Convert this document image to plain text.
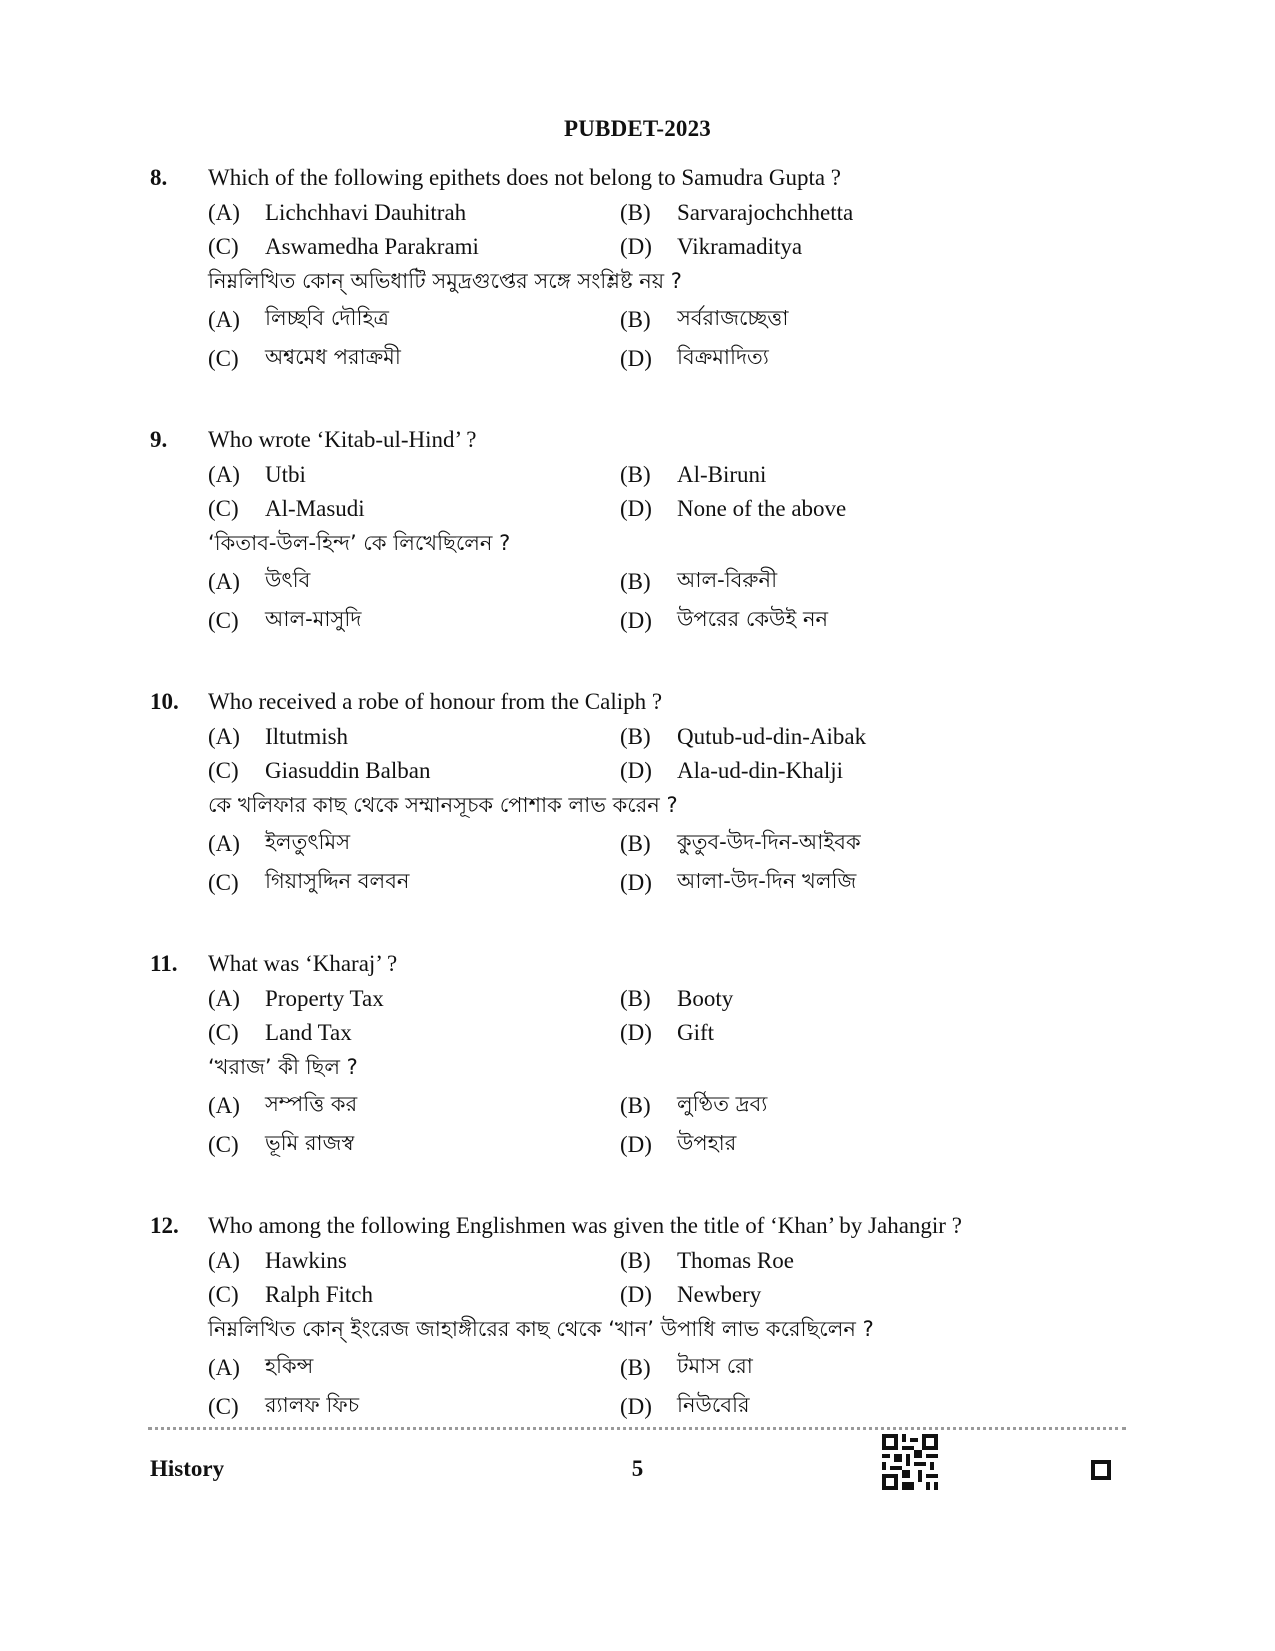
PUBDET-2023
8.	Which of the following epithets does not belong to Samudra Gupta ?
(A)	Lichchhavi Dauhitrah	(B)	Sarvarajochchhetta
(C)	Aswamedha Parakrami	(D)	Vikramaditya
নিম্নলিখিত কোন্ অভিধাটি সমুদ্রগুপ্তের সঙ্গে সংশ্লিষ্ট নয় ?
(A)	লিচ্ছবি দৌহিত্র	(B)	সর্বরাজচ্ছেত্তা
(C)	অশ্বমেধ পরাক্রমী	(D)	বিক্রমাদিত্য
9.	Who wrote ‘Kitab-ul-Hind’ ?
(A)	Utbi	(B)	Al-Biruni
(C)	Al-Masudi	(D)	None of the above
‘কিতাব-উল-হিন্দ’ কে লিখেছিলেন ?
(A)	উৎবি	(B)	আল-বিরুনী
(C)	আল-মাসুদি	(D)	উপরের কেউই নন
10.	Who received a robe of honour from the Caliph ?
(A)	Iltutmish	(B)	Qutub-ud-din-Aibak
(C)	Giasuddin Balban	(D)	Ala-ud-din-Khalji
কে খলিফার কাছ থেকে সম্মানসূচক পোশাক লাভ করেন ?
(A)	ইলতুৎমিস	(B)	কুতুব-উদ-দিন-আইবক
(C)	গিয়াসুদ্দিন বলবন	(D)	আলা-উদ-দিন খলজি
11.	What was ‘Kharaj’ ?
(A)	Property Tax	(B)	Booty
(C)	Land Tax	(D)	Gift
‘খরাজ’ কী ছিল ?
(A)	সম্পত্তি কর	(B)	লুণ্ঠিত দ্রব্য
(C)	ভূমি রাজস্ব	(D)	উপহার
12.	Who among the following Englishmen was given the title of ‘Khan’ by Jahangir ?
(A)	Hawkins	(B)	Thomas Roe
(C)	Ralph Fitch	(D)	Newbery
নিম্নলিখিত কোন্ ইংরেজ জাহাঙ্গীরের কাছ থেকে ‘খান’ উপাধি লাভ করেছিলেন ?
(A)	হকিন্স	(B)	টমাস রো
(C)	র‍্যালফ ফিচ	(D)	নিউবেরি
History	5
